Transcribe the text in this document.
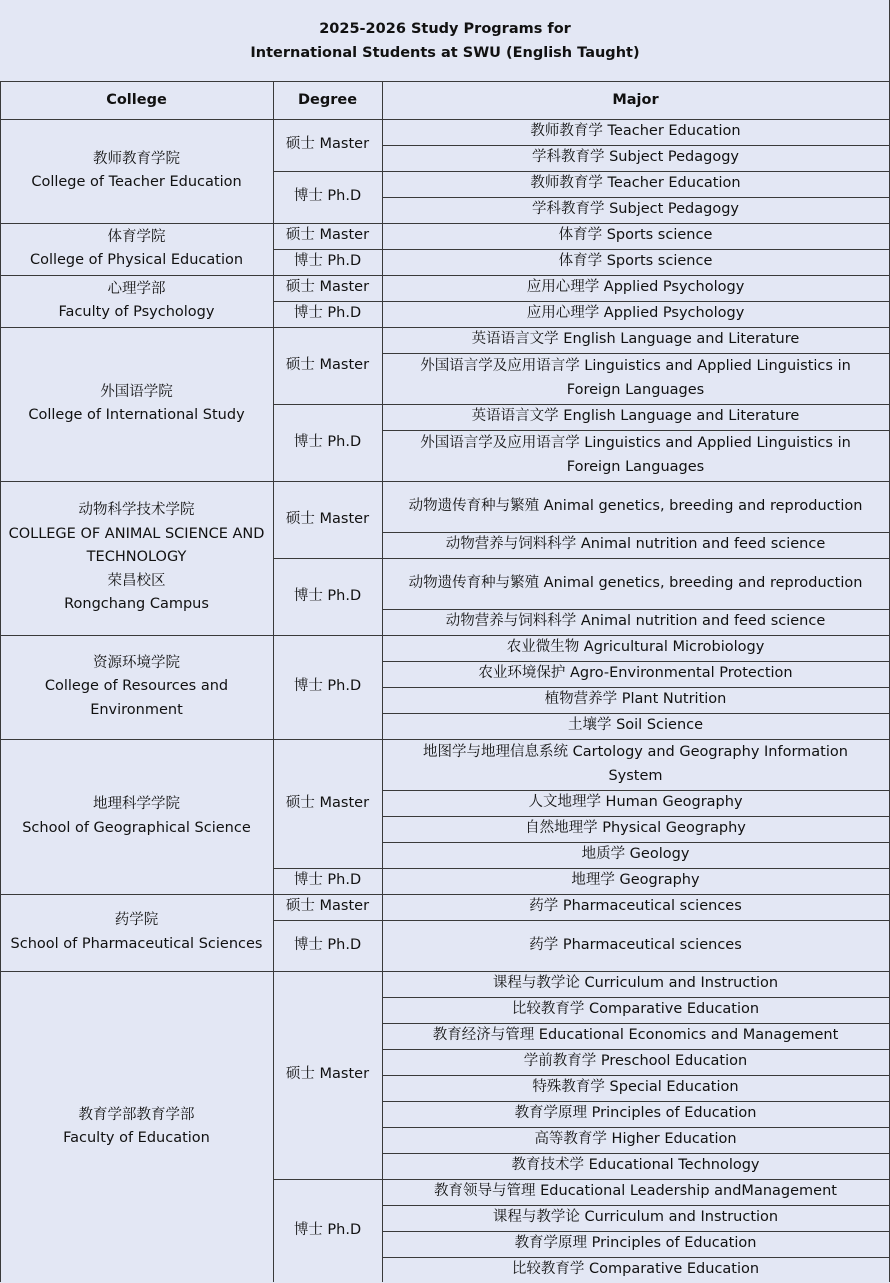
2025-2026 Study Programs for
International Students at SWU (English Taught)
College	Degree	Major
教师教育学 Teacher Education
学科教育学 Subject Pedagogy
硕士 Master
教师教育学 Teacher Education
学科教育学 Subject Pedagogy
博士 Ph.D
教师教育学院
College of Teacher Education
体育学 Sports science
硕士 Master
体育学 Sports science
博士 Ph.D
体育学院
College of Physical Education
应用心理学 Applied Psychology
硕士 Master
应用心理学 Applied Psychology
博士 Ph.D
心理学部
Faculty of Psychology
英语语言文学 English Language and Literature
外国语言学及应用语言学 Linguistics and Applied Linguistics in Foreign Languages
硕士 Master
英语语言文学 English Language and Literature
外国语言学及应用语言学 Linguistics and Applied Linguistics in Foreign Languages
博士 Ph.D
外国语学院
College of International Study
动物遗传育种与繁殖 Animal genetics, breeding and reproduction
动物营养与饲料科学 Animal nutrition and feed science
硕士 Master
动物遗传育种与繁殖 Animal genetics, breeding and reproduction
动物营养与饲料科学 Animal nutrition and feed science
博士 Ph.D
动物科学技术学院
COLLEGE OF ANIMAL SCIENCE AND TECHNOLOGY
荣昌校区
Rongchang Campus
农业微生物 Agricultural Microbiology
农业环境保护 Agro-Environmental Protection
植物营养学 Plant Nutrition
土壤学 Soil Science
博士 Ph.D
资源环境学院
College of Resources and Environment
地图学与地理信息系统 Cartology and Geography Information System
人文地理学 Human Geography
自然地理学 Physical Geography
地质学 Geology
硕士 Master
地理学 Geography
博士 Ph.D
地理科学学院
School of Geographical Science
药学 Pharmaceutical sciences
硕士 Master
药学 Pharmaceutical sciences
博士 Ph.D
药学院
School of Pharmaceutical Sciences
课程与教学论 Curriculum and Instruction
比较教育学 Comparative Education
教育经济与管理 Educational Economics and Management
学前教育学 Preschool Education
特殊教育学 Special Education
教育学原理 Principles of Education
高等教育学 Higher Education
教育技术学 Educational Technology
硕士 Master
教育领导与管理 Educational Leadership andManagement
课程与教学论 Curriculum and Instruction
教育学原理 Principles of Education
比较教育学 Comparative Education
博士 Ph.D
教育学部教育学部
Faculty of Education
